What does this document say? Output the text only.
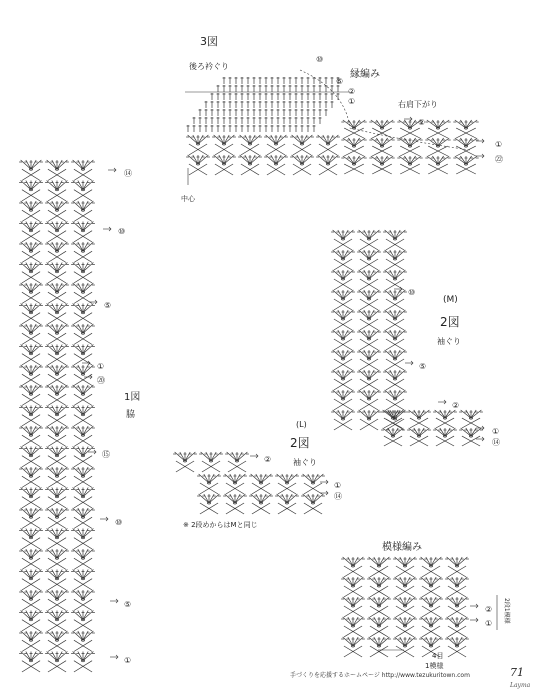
3図
後ろ衿ぐり
縁編み
右肩下がり
中心
⑩
⑤
②
①
②
①
㉒
1図
脇
⑭
⑩
⑤
①
⑳
⑮
⑩
⑤
①
(M)
2図
袖ぐり
⑩
⑤
②
①
⑭
(L)
2図
袖ぐり
②
①
⑭
※ 2段めからはMと同じ
模様編み
②
① 2段1模様
4目
1模様
手づくりを応援するホームページ http://www.tezukuritown.com	71
Layma
